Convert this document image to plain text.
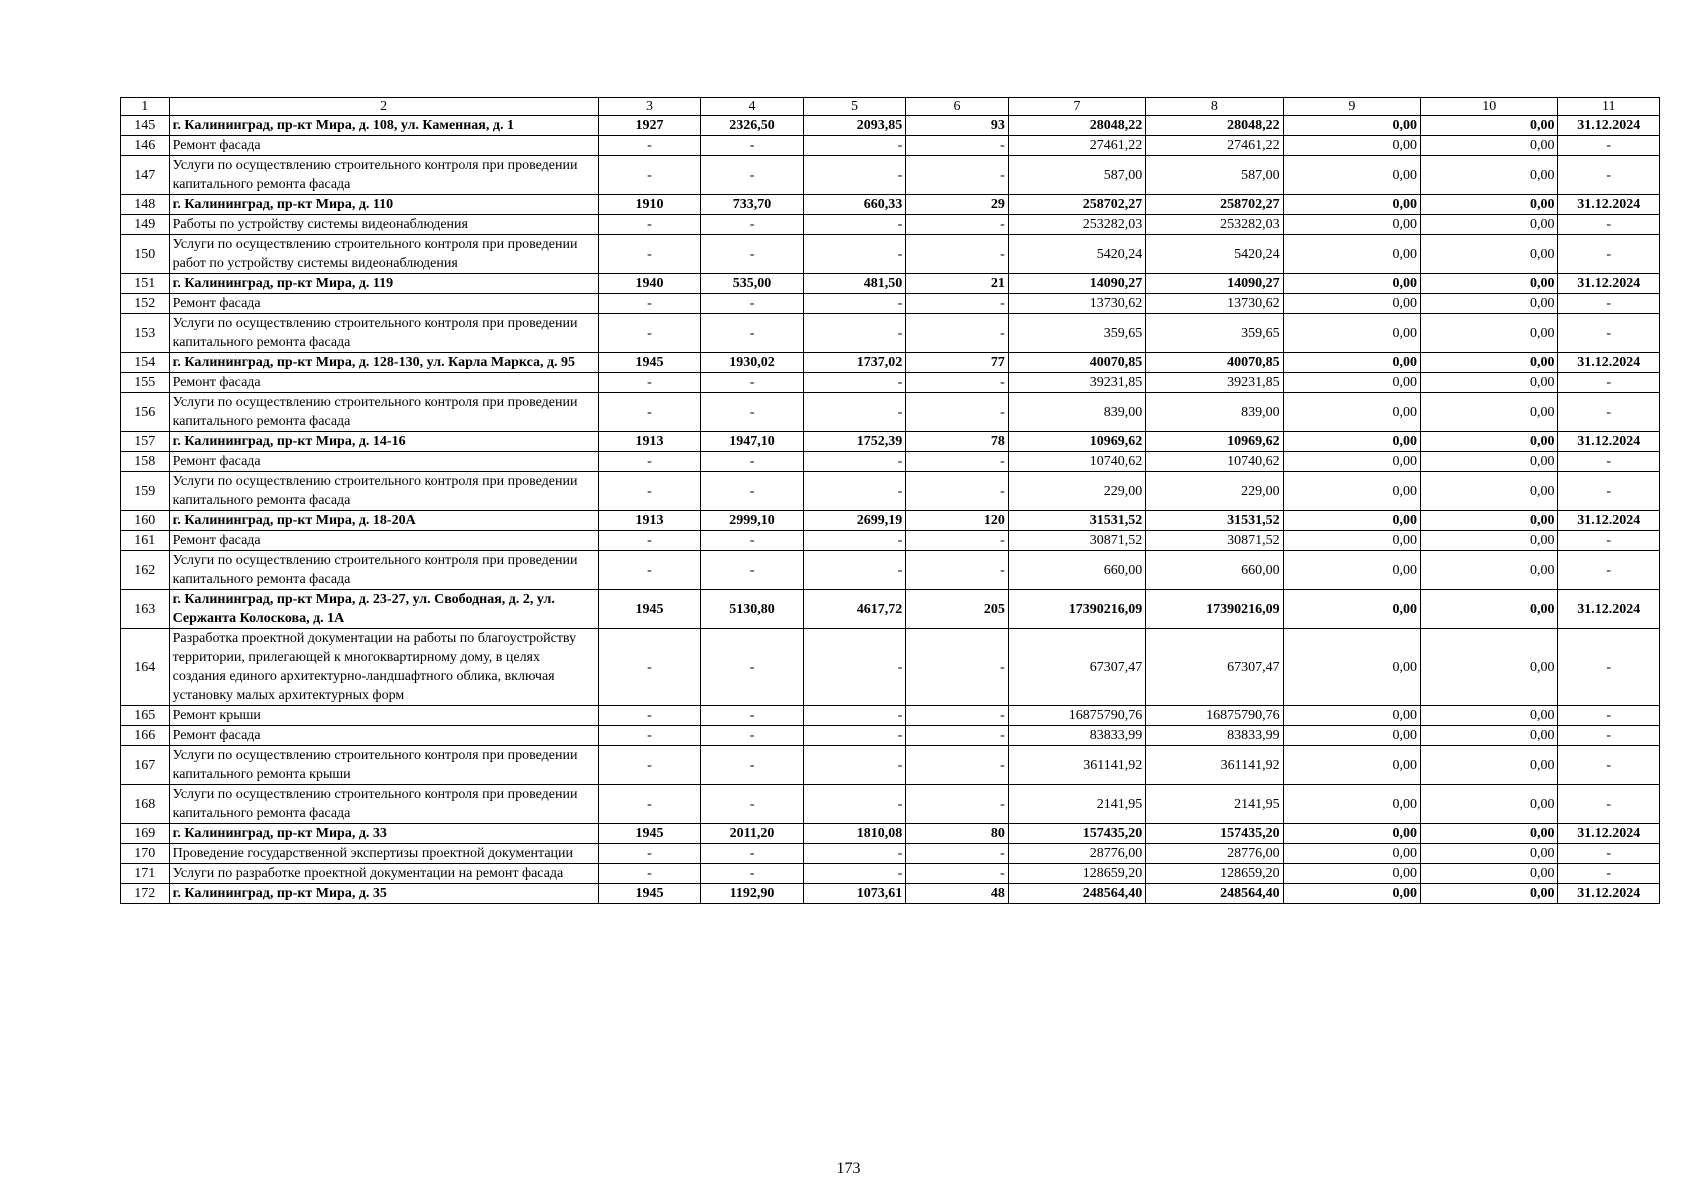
1	2	3	4	5	6	7	8	9	10	11
145	г. Калининград, пр-кт Мира, д. 108, ул. Каменная, д. 1	1927	2326,50	2093,85	93	28048,22	28048,22	0,00	0,00	31.12.2024
146	Ремонт фасада	-	-	-	-	27461,22	27461,22	0,00	0,00	-
147	Услуги по осуществлению строительного контроля при проведении капитального ремонта фасада	-	-	-	-	587,00	587,00	0,00	0,00	-
148	г. Калининград, пр-кт Мира, д. 110	1910	733,70	660,33	29	258702,27	258702,27	0,00	0,00	31.12.2024
149	Работы по устройству системы видеонаблюдения	-	-	-	-	253282,03	253282,03	0,00	0,00	-
150	Услуги по осуществлению строительного контроля при проведении работ по устройству системы видеонаблюдения	-	-	-	-	5420,24	5420,24	0,00	0,00	-
151	г. Калининград, пр-кт Мира, д. 119	1940	535,00	481,50	21	14090,27	14090,27	0,00	0,00	31.12.2024
152	Ремонт фасада	-	-	-	-	13730,62	13730,62	0,00	0,00	-
153	Услуги по осуществлению строительного контроля при проведении капитального ремонта фасада	-	-	-	-	359,65	359,65	0,00	0,00	-
154	г. Калининград, пр-кт Мира, д. 128-130, ул. Карла Маркса, д. 95	1945	1930,02	1737,02	77	40070,85	40070,85	0,00	0,00	31.12.2024
155	Ремонт фасада	-	-	-	-	39231,85	39231,85	0,00	0,00	-
156	Услуги по осуществлению строительного контроля при проведении капитального ремонта фасада	-	-	-	-	839,00	839,00	0,00	0,00	-
157	г. Калининград, пр-кт Мира, д. 14-16	1913	1947,10	1752,39	78	10969,62	10969,62	0,00	0,00	31.12.2024
158	Ремонт фасада	-	-	-	-	10740,62	10740,62	0,00	0,00	-
159	Услуги по осуществлению строительного контроля при проведении капитального ремонта фасада	-	-	-	-	229,00	229,00	0,00	0,00	-
160	г. Калининград, пр-кт Мира, д. 18-20А	1913	2999,10	2699,19	120	31531,52	31531,52	0,00	0,00	31.12.2024
161	Ремонт фасада	-	-	-	-	30871,52	30871,52	0,00	0,00	-
162	Услуги по осуществлению строительного контроля при проведении капитального ремонта фасада	-	-	-	-	660,00	660,00	0,00	0,00	-
163	г. Калининград, пр-кт Мира, д. 23-27, ул. Свободная, д. 2, ул. Сержанта Колоскова, д. 1А	1945	5130,80	4617,72	205	17390216,09	17390216,09	0,00	0,00	31.12.2024
164	Разработка проектной документации на работы по благоустройству территории, прилегающей к многоквартирному дому, в целях создания единого архитектурно-ландшафтного облика, включая установку малых архитектурных форм	-	-	-	-	67307,47	67307,47	0,00	0,00	-
165	Ремонт крыши	-	-	-	-	16875790,76	16875790,76	0,00	0,00	-
166	Ремонт фасада	-	-	-	-	83833,99	83833,99	0,00	0,00	-
167	Услуги по осуществлению строительного контроля при проведении капитального ремонта крыши	-	-	-	-	361141,92	361141,92	0,00	0,00	-
168	Услуги по осуществлению строительного контроля при проведении капитального ремонта фасада	-	-	-	-	2141,95	2141,95	0,00	0,00	-
169	г. Калининград, пр-кт Мира, д. 33	1945	2011,20	1810,08	80	157435,20	157435,20	0,00	0,00	31.12.2024
170	Проведение государственной экспертизы проектной документации	-	-	-	-	28776,00	28776,00	0,00	0,00	-
171	Услуги по разработке проектной документации на ремонт фасада	-	-	-	-	128659,20	128659,20	0,00	0,00	-
172	г. Калининград, пр-кт Мира, д. 35	1945	1192,90	1073,61	48	248564,40	248564,40	0,00	0,00	31.12.2024
173
